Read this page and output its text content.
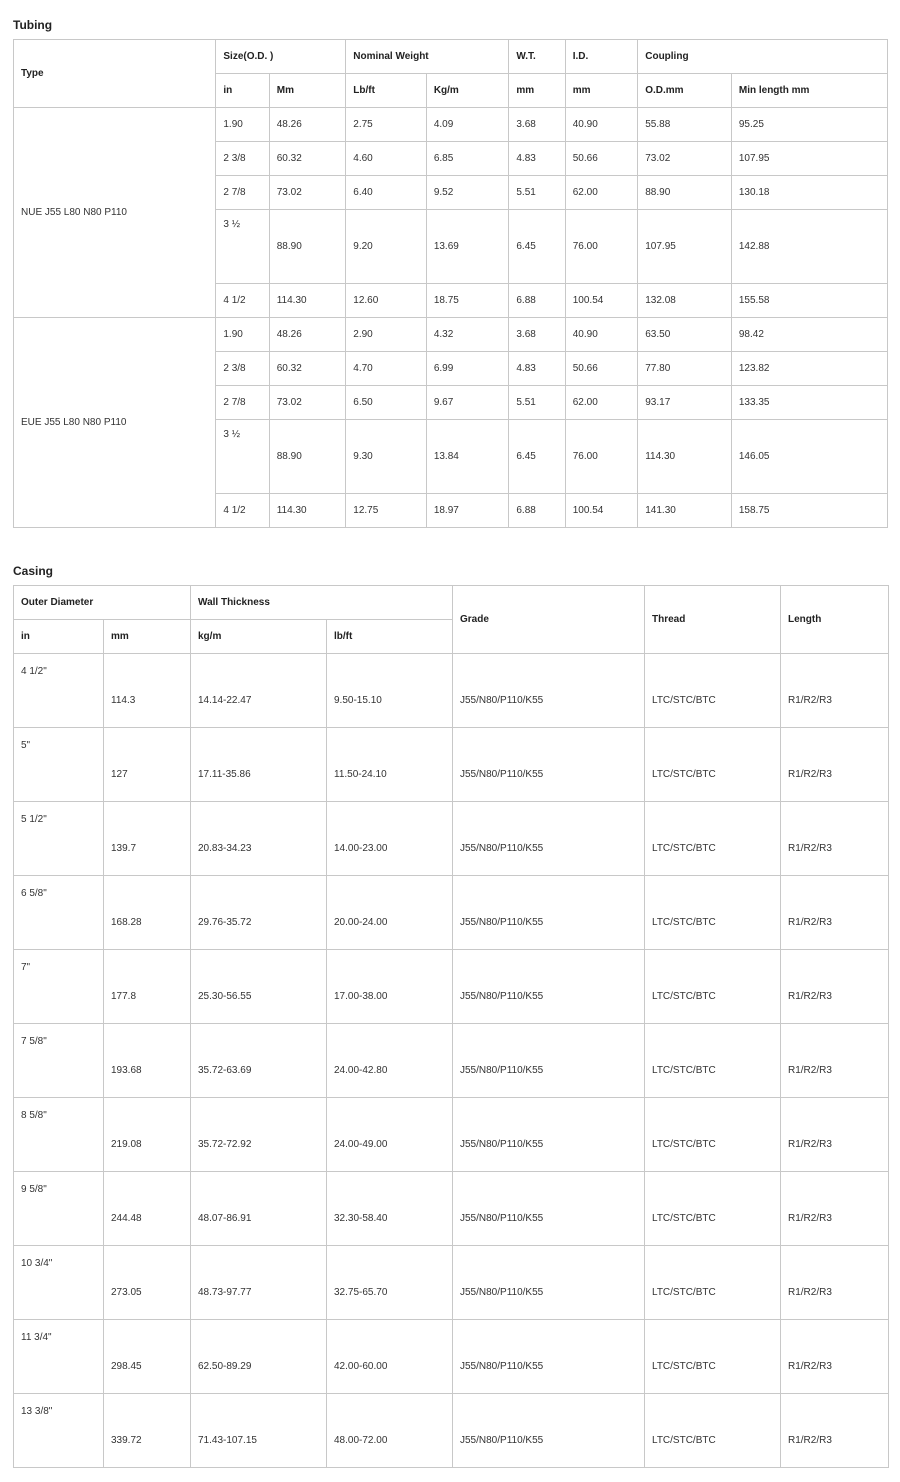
Tubing
Type	Size(O.D. )		Nominal Weight		W.T.	I.D.	Coupling	
	in	Mm	Lb/ft	Kg/m	mm	mm	O.D.mm	Min length mm
NUE J55 L80 N80 P110	1.90	48.26	2.75	4.09	3.68	40.90	55.88	95.25
	2 3/8	60.32	4.60	6.85	4.83	50.66	73.02	107.95
	2 7/8	73.02	6.40	9.52	5.51	62.00	88.90	130.18
	3 ½	88.90	9.20	13.69	6.45	76.00	107.95	142.88
	4 1/2	114.30	12.60	18.75	6.88	100.54	132.08	155.58
EUE J55 L80 N80 P110	1.90	48.26	2.90	4.32	3.68	40.90	63.50	98.42
	2 3/8	60.32	4.70	6.99	4.83	50.66	77.80	123.82
	2 7/8	73.02	6.50	9.67	5.51	62.00	93.17	133.35
	3 ½	88.90	9.30	13.84	6.45	76.00	114.30	146.05
	4 1/2	114.30	12.75	18.97	6.88	100.54	141.30	158.75
Casing
Outer Diameter		Wall Thickness		Grade	Thread	Length
in	mm	kg/m	lb/ft			
4 1/2"	114.3	14.14-22.47	9.50-15.10	J55/N80/P110/K55	LTC/STC/BTC	R1/R2/R3
5"	127	17.11-35.86	11.50-24.10	J55/N80/P110/K55	LTC/STC/BTC	R1/R2/R3
5 1/2"	139.7	20.83-34.23	14.00-23.00	J55/N80/P110/K55	LTC/STC/BTC	R1/R2/R3
6 5/8"	168.28	29.76-35.72	20.00-24.00	J55/N80/P110/K55	LTC/STC/BTC	R1/R2/R3
7"	177.8	25.30-56.55	17.00-38.00	J55/N80/P110/K55	LTC/STC/BTC	R1/R2/R3
7 5/8"	193.68	35.72-63.69	24.00-42.80	J55/N80/P110/K55	LTC/STC/BTC	R1/R2/R3
8 5/8"	219.08	35.72-72.92	24.00-49.00	J55/N80/P110/K55	LTC/STC/BTC	R1/R2/R3
9 5/8"	244.48	48.07-86.91	32.30-58.40	J55/N80/P110/K55	LTC/STC/BTC	R1/R2/R3
10 3/4"	273.05	48.73-97.77	32.75-65.70	J55/N80/P110/K55	LTC/STC/BTC	R1/R2/R3
11 3/4"	298.45	62.50-89.29	42.00-60.00	J55/N80/P110/K55	LTC/STC/BTC	R1/R2/R3
13 3/8"	339.72	71.43-107.15	48.00-72.00	J55/N80/P110/K55	LTC/STC/BTC	R1/R2/R3
